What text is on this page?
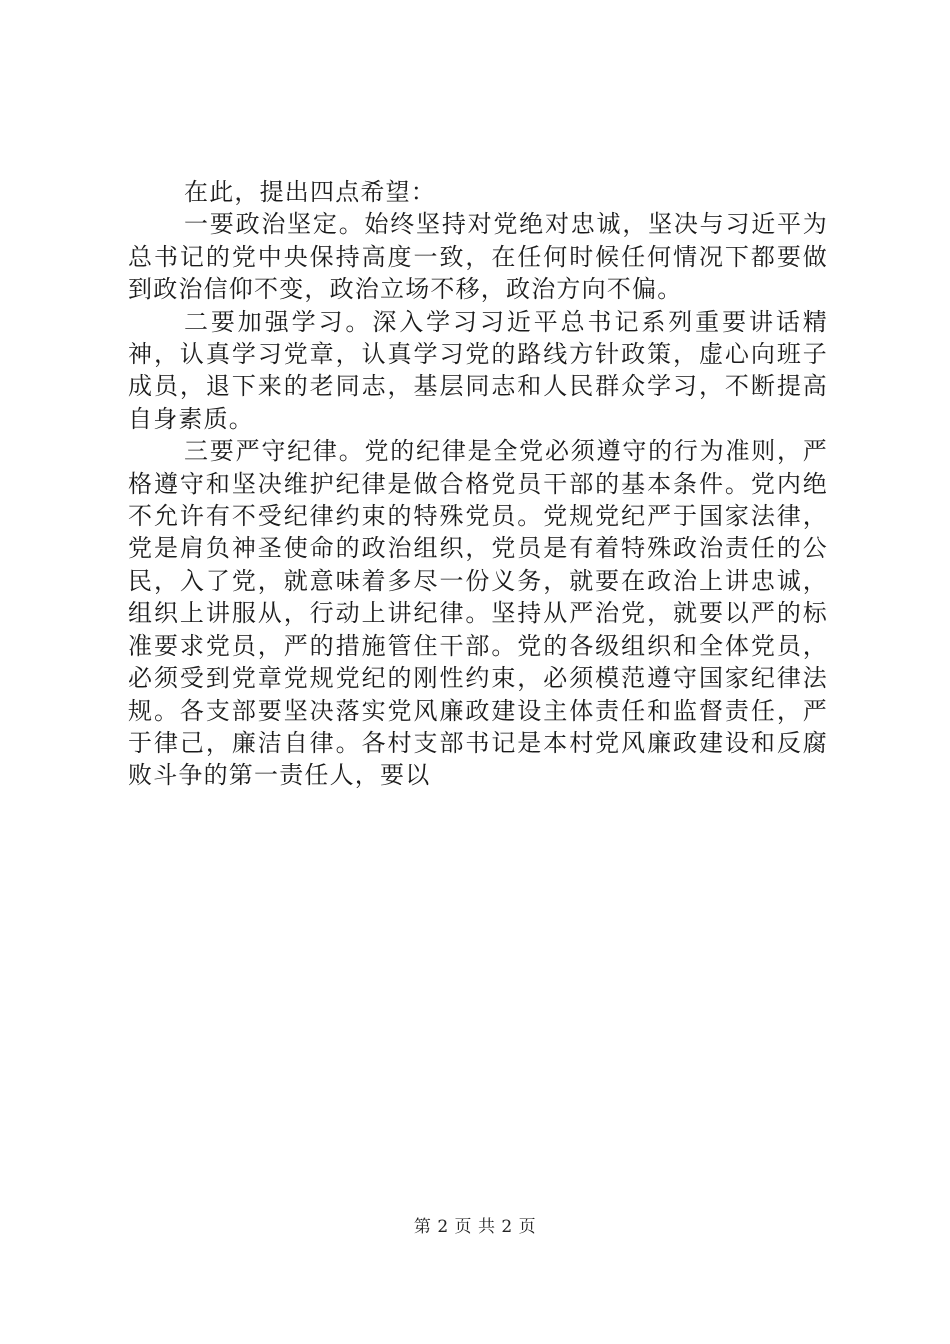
在此，提出四点希望：

一要政治坚定。始终坚持对党绝对忠诚，坚决与习近平为总书记的党中央保持高度一致，在任何时候任何情况下都要做到政治信仰不变，政治立场不移，政治方向不偏。

二要加强学习。深入学习习近平总书记系列重要讲话精神，认真学习党章，认真学习党的路线方针政策，虚心向班子成员，退下来的老同志，基层同志和人民群众学习，不断提高自身素质。

三要严守纪律。党的纪律是全党必须遵守的行为准则，严格遵守和坚决维护纪律是做合格党员干部的基本条件。党内绝不允许有不受纪律约束的特殊党员。党规党纪严于国家法律，党是肩负神圣使命的政治组织，党员是有着特殊政治责任的公民，入了党，就意味着多尽一份义务，就要在政治上讲忠诚，组织上讲服从，行动上讲纪律。坚持从严治党，就要以严的标准要求党员，严的措施管住干部。党的各级组织和全体党员，必须受到党章党规党纪的刚性约束，必须模范遵守国家纪律法规。各支部要坚决落实党风廉政建设主体责任和监督责任，严于律己，廉洁自律。各村支部书记是本村党风廉政建设和反腐败斗争的第一责任人，要以

第 2 页 共 2 页
